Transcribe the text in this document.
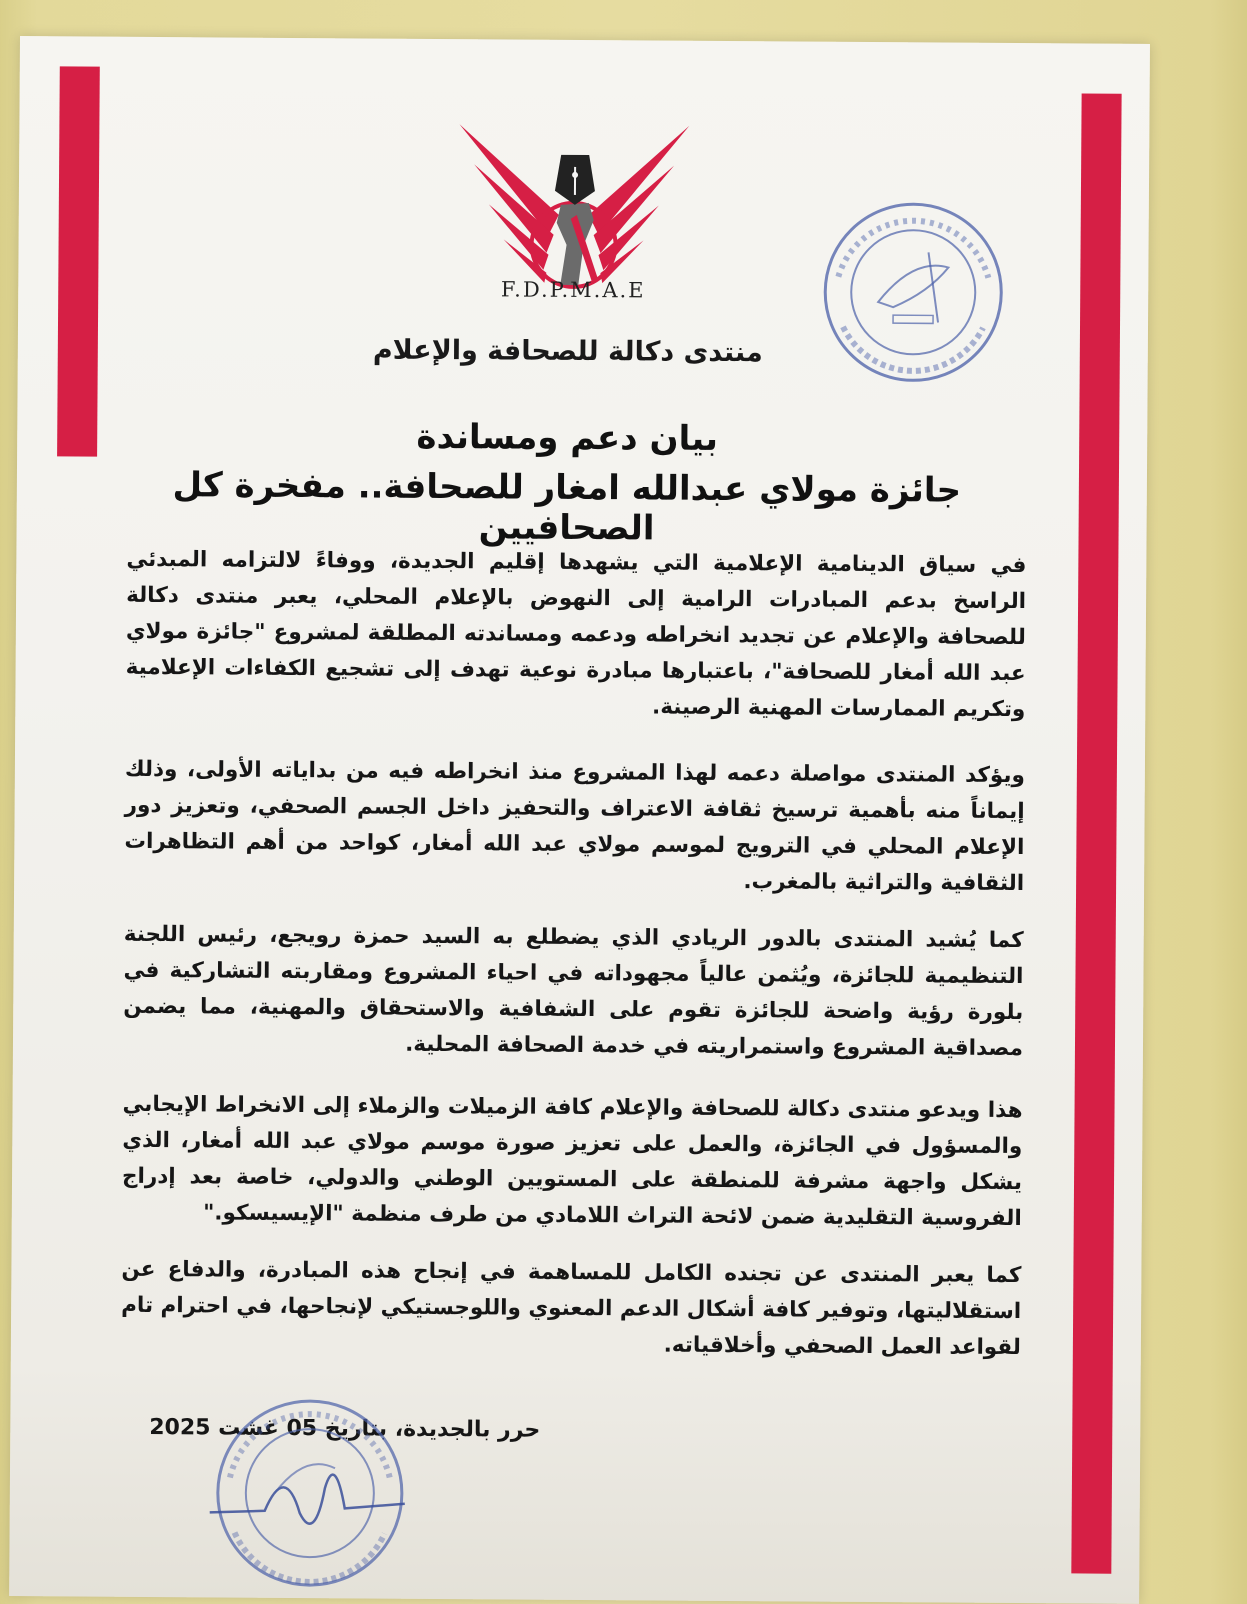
F.D.P.M.A.E
منتدى دكالة للصحافة والإعلام
بيان دعم ومساندة
جائزة مولاي عبدالله امغار للصحافة.. مفخرة كل الصحافيين
في سياق الدينامية الإعلامية التي يشهدها إقليم الجديدة، ووفاءً لالتزامه المبدئي الراسخ بدعم المبادرات الرامية إلى النهوض بالإعلام المحلي، يعبر منتدى دكالة للصحافة والإعلام عن تجديد انخراطه ودعمه ومساندته المطلقة لمشروع "جائزة مولاي عبد الله أمغار للصحافة"، باعتبارها مبادرة نوعية تهدف إلى تشجيع الكفاءات الإعلامية وتكريم الممارسات المهنية الرصينة.
ويؤكد المنتدى مواصلة دعمه لهذا المشروع منذ انخراطه فيه من بداياته الأولى، وذلك إيماناً منه بأهمية ترسيخ ثقافة الاعتراف والتحفيز داخل الجسم الصحفي، وتعزيز دور الإعلام المحلي في الترويج لموسم مولاي عبد الله أمغار، كواحد من أهم التظاهرات الثقافية والتراثية بالمغرب.
كما يُشيد المنتدى بالدور الريادي الذي يضطلع به السيد حمزة رويجع، رئيس اللجنة التنظيمية للجائزة، ويُثمن عالياً مجهوداته في احياء المشروع ومقاربته التشاركية في بلورة رؤية واضحة للجائزة تقوم على الشفافية والاستحقاق والمهنية، مما يضمن مصداقية المشروع واستمراريته في خدمة الصحافة المحلية.
هذا ويدعو منتدى دكالة للصحافة والإعلام كافة الزميلات والزملاء إلى الانخراط الإيجابي والمسؤول في الجائزة، والعمل على تعزيز صورة موسم مولاي عبد الله أمغار، الذي يشكل واجهة مشرفة للمنطقة على المستويين الوطني والدولي، خاصة بعد إدراج الفروسية التقليدية ضمن لائحة التراث اللامادي من طرف منظمة "الإيسيسكو."
كما يعبر المنتدى عن تجنده الكامل للمساهمة في إنجاح هذه المبادرة، والدفاع عن استقلاليتها، وتوفير كافة أشكال الدعم المعنوي واللوجستيكي لإنجاحها، في احترام تام لقواعد العمل الصحفي وأخلاقياته.
حرر بالجديدة، بتاريخ 05 غشت 2025
